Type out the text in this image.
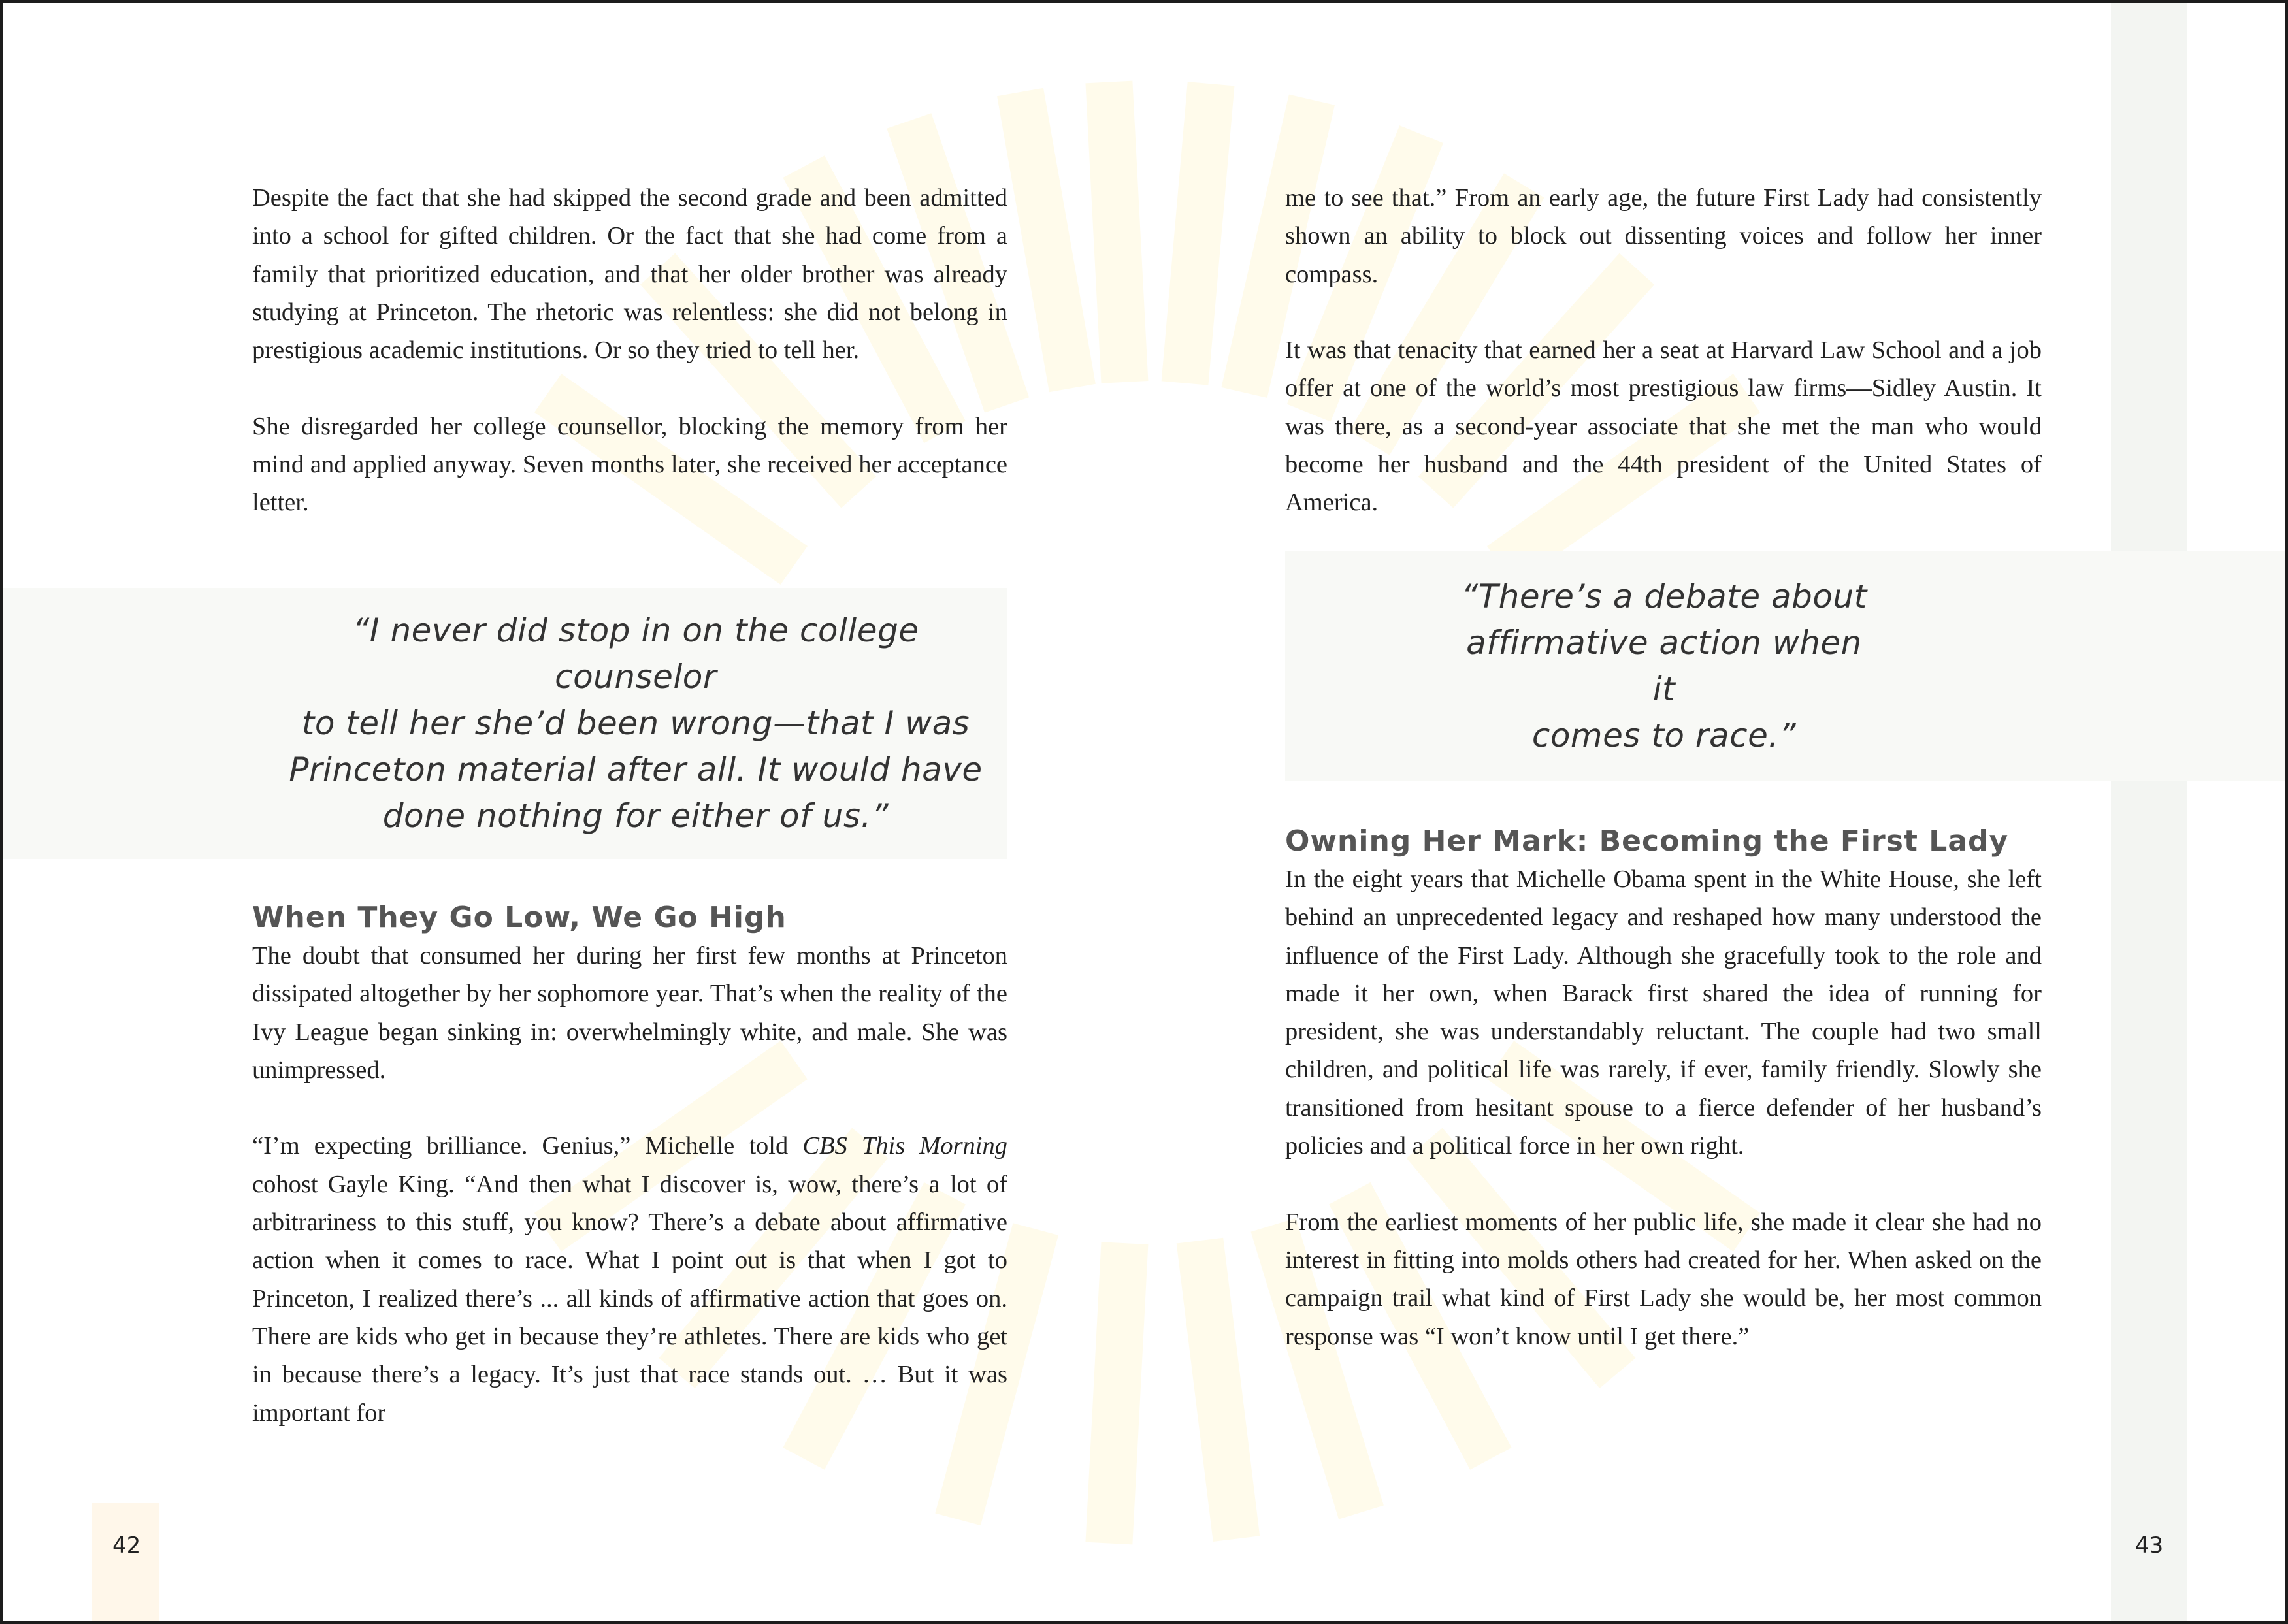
Despite the fact that she had skipped the second grade and been admitted into a school for gifted children. Or the fact that she had come from a family that prioritized education, and that her older brother was already studying at Princeton. The rhetoric was relentless: she did not belong in prestigious academic institutions. Or so they tried to tell her.

She disregarded her college counsellor, blocking the memory from her mind and applied anyway. Seven months later, she received her acceptance letter.

“I never did stop in on the college counselor
to tell her she’d been wrong—that I was
Princeton material after all. It would have
done nothing for either of us.”
When They Go Low, We Go High

The doubt that consumed her during her first few months at Princeton dissipated altogether by her sophomore year. That’s when the reality of the Ivy League began sinking in: overwhelmingly white, and male. She was unimpressed.

“I’m expecting brilliance. Genius,” Michelle told CBS This Morning cohost Gayle King. “And then what I discover is, wow, there’s a lot of arbitrariness to this stuff, you know? There’s a debate about affirmative action when it comes to race. What I point out is that when I got to Princeton, I realized there’s ... all kinds of affirmative action that goes on. There are kids who get in because they’re athletes. There are kids who get in because there’s a legacy. It’s just that race stands out. … But it was important for

42

me to see that.” From an early age, the future First Lady had consistently shown an ability to block out dissenting voices and follow her inner compass.

It was that tenacity that earned her a seat at Harvard Law School and a job offer at one of the world’s most prestigious law firms—Sidley Austin. It was there, as a second-year associate that she met the man who would become her husband and the 44th president of the United States of America.

“There’s a debate about
affirmative action when it
comes to race.”
Owning Her Mark: Becoming the First Lady

In the eight years that Michelle Obama spent in the White House, she left behind an unprecedented legacy and reshaped how many understood the influence of the First Lady. Although she gracefully took to the role and made it her own, when Barack first shared the idea of running for president, she was understandably reluctant. The couple had two small children, and political life was rarely, if ever, family friendly. Slowly she transitioned from hesitant spouse to a fierce defender of her husband’s policies and a political force in her own right.

From the earliest moments of her public life, she made it clear she had no interest in fitting into molds others had created for her. When asked on the campaign trail what kind of First Lady she would be, her most common response was “I won’t know until I get there.”

43
